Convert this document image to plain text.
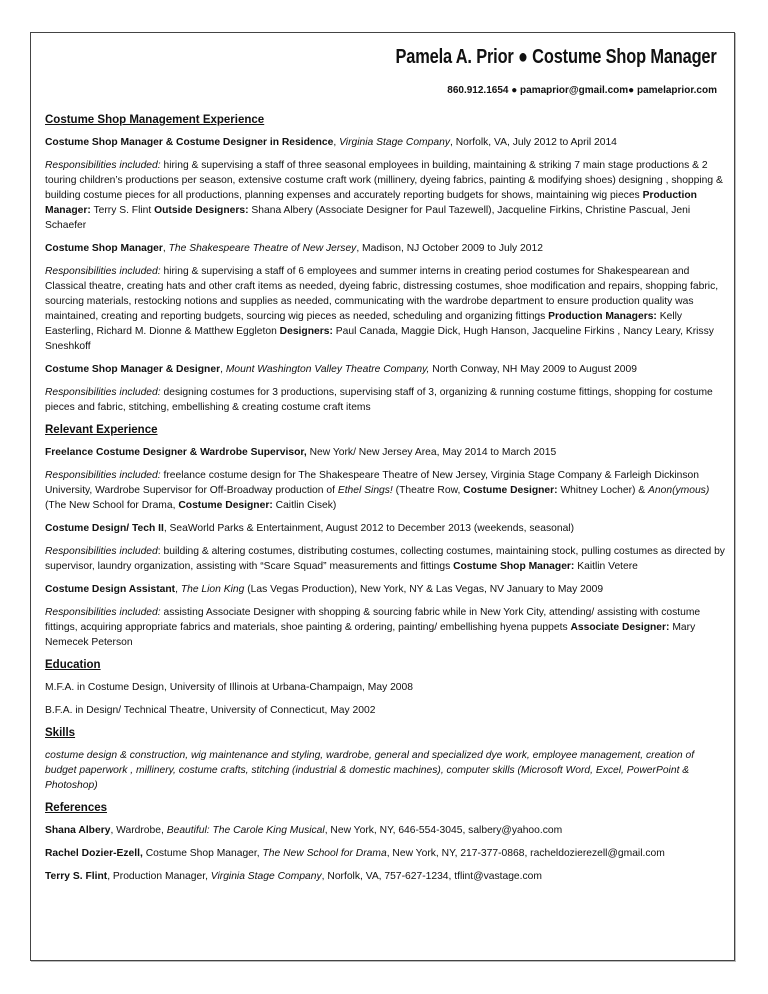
Pamela A. Prior ● Costume Shop Manager
860.912.1654 ● pamaprior@gmail.com● pamelaprior.com
Costume Shop Management Experience
Costume Shop Manager & Costume Designer in Residence, Virginia Stage Company, Norfolk, VA, July 2012 to April 2014
Responsibilities included: hiring & supervising a staff of three seasonal employees in building, maintaining & striking 7 main stage productions & 2 touring children’s productions per season, extensive costume craft work (millinery, dyeing fabrics, painting & modifying shoes) designing , shopping & building costume pieces for all productions, planning expenses and accurately reporting budgets for shows, maintaining wig pieces Production Manager: Terry S. Flint Outside Designers: Shana Albery (Associate Designer for Paul Tazewell), Jacqueline Firkins, Christine Pascual, Jeni Schaefer
Costume Shop Manager, The Shakespeare Theatre of New Jersey, Madison, NJ October 2009 to July 2012
Responsibilities included: hiring & supervising a staff of 6 employees and summer interns in creating period costumes for Shakespearean and Classical theatre, creating hats and other craft items as needed, dyeing fabric, distressing costumes, shoe modification and repairs, shopping fabric, sourcing materials, restocking notions and supplies as needed, communicating with the wardrobe department to ensure production quality was maintained, creating and reporting budgets, sourcing wig pieces as needed, scheduling and organizing fittings Production Managers: Kelly Easterling, Richard M. Dionne & Matthew Eggleton Designers: Paul Canada, Maggie Dick, Hugh Hanson, Jacqueline Firkins , Nancy Leary, Krissy Sneshkoff
Costume Shop Manager & Designer, Mount Washington Valley Theatre Company, North Conway, NH May 2009 to August 2009
Responsibilities included: designing costumes for 3 productions, supervising staff of 3, organizing & running costume fittings, shopping for costume pieces and fabric, stitching, embellishing & creating costume craft items
Relevant Experience
Freelance Costume Designer & Wardrobe Supervisor, New York/ New Jersey Area, May 2014 to March 2015
Responsibilities included: freelance costume design for The Shakespeare Theatre of New Jersey, Virginia Stage Company & Farleigh Dickinson University, Wardrobe Supervisor for Off-Broadway production of Ethel Sings! (Theatre Row, Costume Designer: Whitney Locher) & Anon(ymous) (The New School for Drama, Costume Designer: Caitlin Cisek)
Costume Design/ Tech II, SeaWorld Parks & Entertainment, August 2012 to December 2013 (weekends, seasonal)
Responsibilities included: building & altering costumes, distributing costumes, collecting costumes, maintaining stock, pulling costumes as directed by supervisor, laundry organization, assisting with “Scare Squad” measurements and fittings Costume Shop Manager: Kaitlin Vetere
Costume Design Assistant, The Lion King (Las Vegas Production), New York, NY & Las Vegas, NV January to May 2009
Responsibilities included: assisting Associate Designer with shopping & sourcing fabric while in New York City, attending/ assisting with costume fittings, acquiring appropriate fabrics and materials, shoe painting & ordering, painting/ embellishing hyena puppets Associate Designer: Mary Nemecek Peterson
Education
M.F.A. in Costume Design, University of Illinois at Urbana-Champaign, May 2008
B.F.A. in Design/ Technical Theatre, University of Connecticut, May 2002
Skills
costume design & construction, wig maintenance and styling, wardrobe, general and specialized dye work, employee management, creation of budget paperwork , millinery, costume crafts, stitching (industrial & domestic machines), computer skills (Microsoft Word, Excel, PowerPoint & Photoshop)
References
Shana Albery, Wardrobe, Beautiful: The Carole King Musical, New York, NY, 646-554-3045, salbery@yahoo.com
Rachel Dozier-Ezell, Costume Shop Manager, The New School for Drama, New York, NY, 217-377-0868, racheldozierezell@gmail.com
Terry S. Flint, Production Manager, Virginia Stage Company, Norfolk, VA, 757-627-1234, tflint@vastage.com
